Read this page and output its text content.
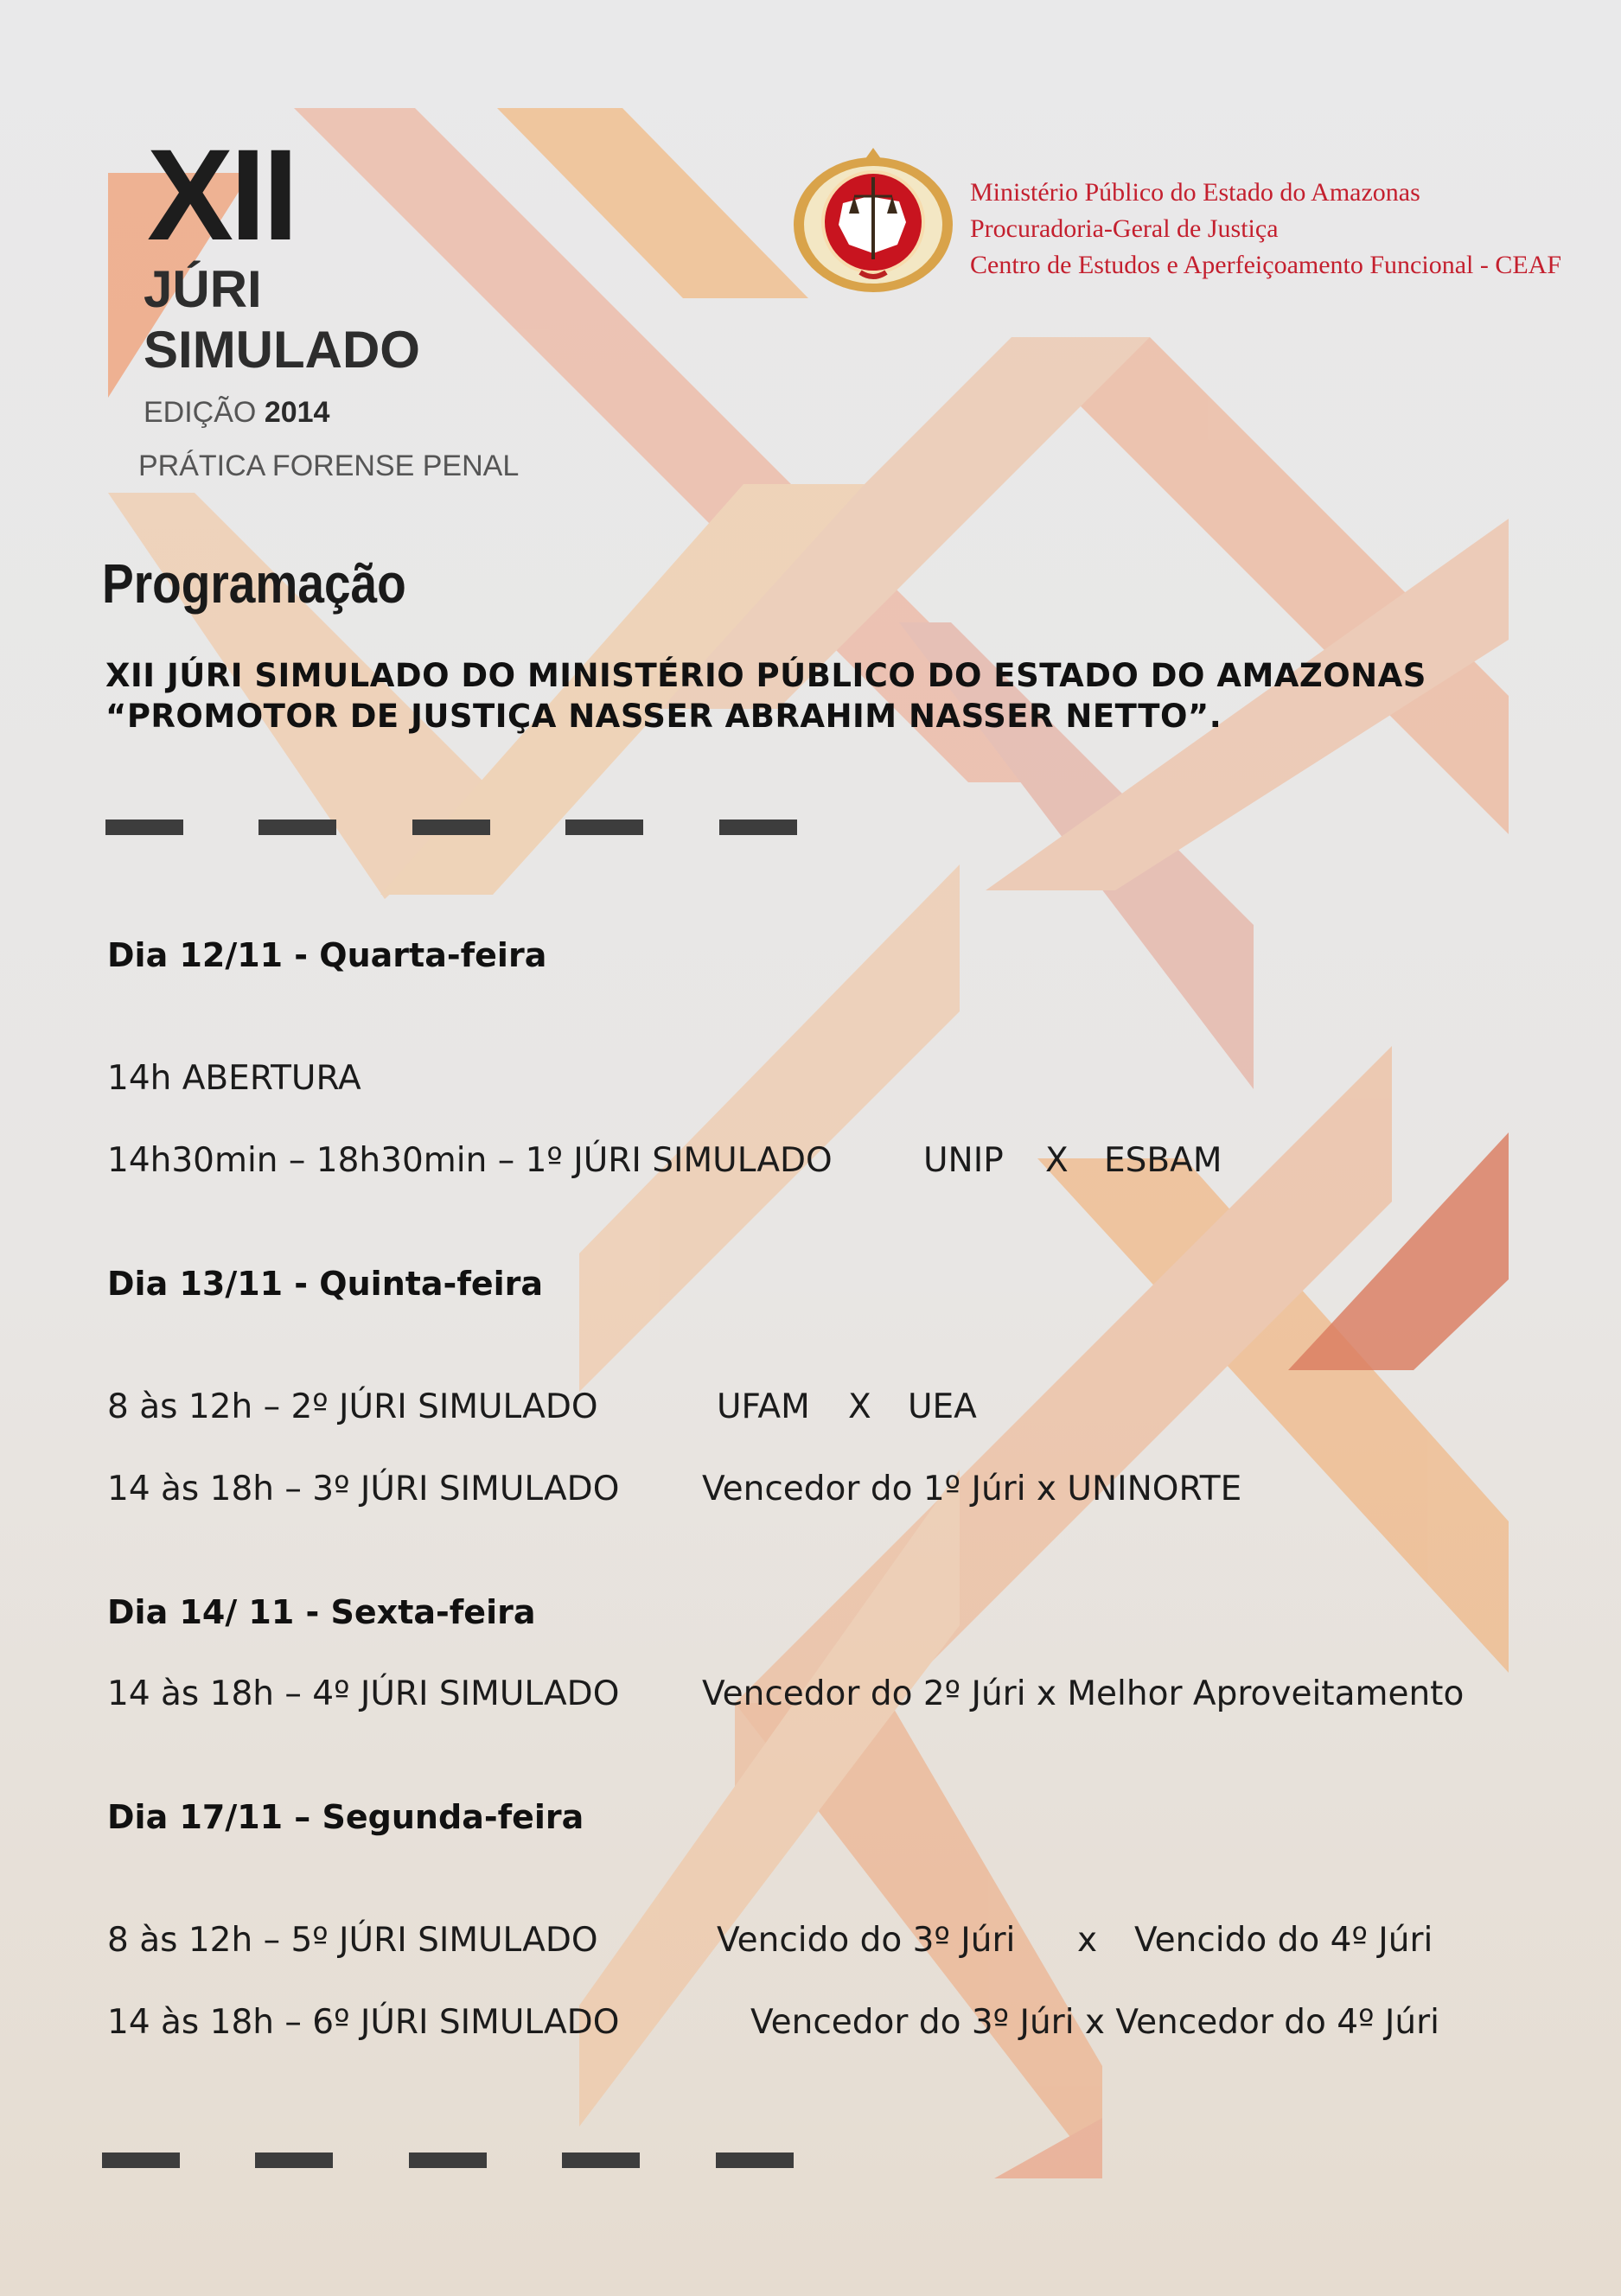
XII
JÚRI
SIMULADO
EDIÇÃO 2014
PRÁTICA FORENSE PENAL
Ministério Público do Estado do Amazonas
Procuradoria-Geral de Justiça
Centro de Estudos e Aperfeiçoamento Funcional - CEAF
Programação
XII JÚRI SIMULADO DO MINISTÉRIO PÚBLICO DO ESTADO DO AMAZONAS
“PROMOTOR DE JUSTIÇA NASSER ABRAHIM NASSER NETTO”.
Dia 12/11 - Quarta-feira
14h ABERTURA
14h30min – 18h30min – 1º JÚRI SIMULADO	UNIP X ESBAM
Dia 13/11 - Quinta-feira
8 às 12h – 2º JÚRI SIMULADO	UFAM X UEA
14 às 18h – 3º JÚRI SIMULADO Vencedor do 1º Júri x UNINORTE
Dia 14/ 11 - Sexta-feira
14 às 18h – 4º JÚRI SIMULADO Vencedor do 2º Júri x Melhor Aproveitamento
Dia 17/11 – Segunda-feira
8 às 12h – 5º JÚRI SIMULADO	Vencido do 3º Júri x Vencido do 4º Júri
14 às 18h – 6º JÚRI SIMULADO	Vencedor do 3º Júri x Vencedor do 4º Júri
